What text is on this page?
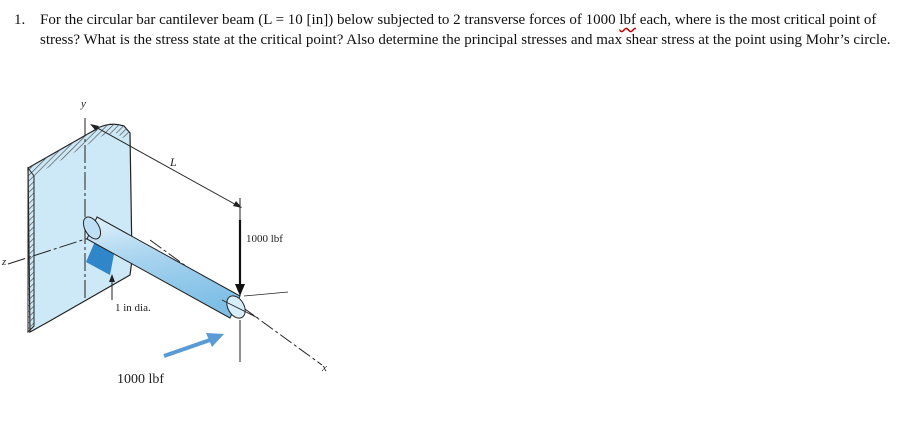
1. For the circular bar cantilever beam (L = 10 [in]) below subjected to 2 transverse forces of 1000 lbf each, where is the most critical point of stress? What is the stress state at the critical point? Also determine the principal stresses and max shear stress at the point using Mohr’s circle.
y
z
x
L
1000 lbf
1 in dia.
1000 lbf
